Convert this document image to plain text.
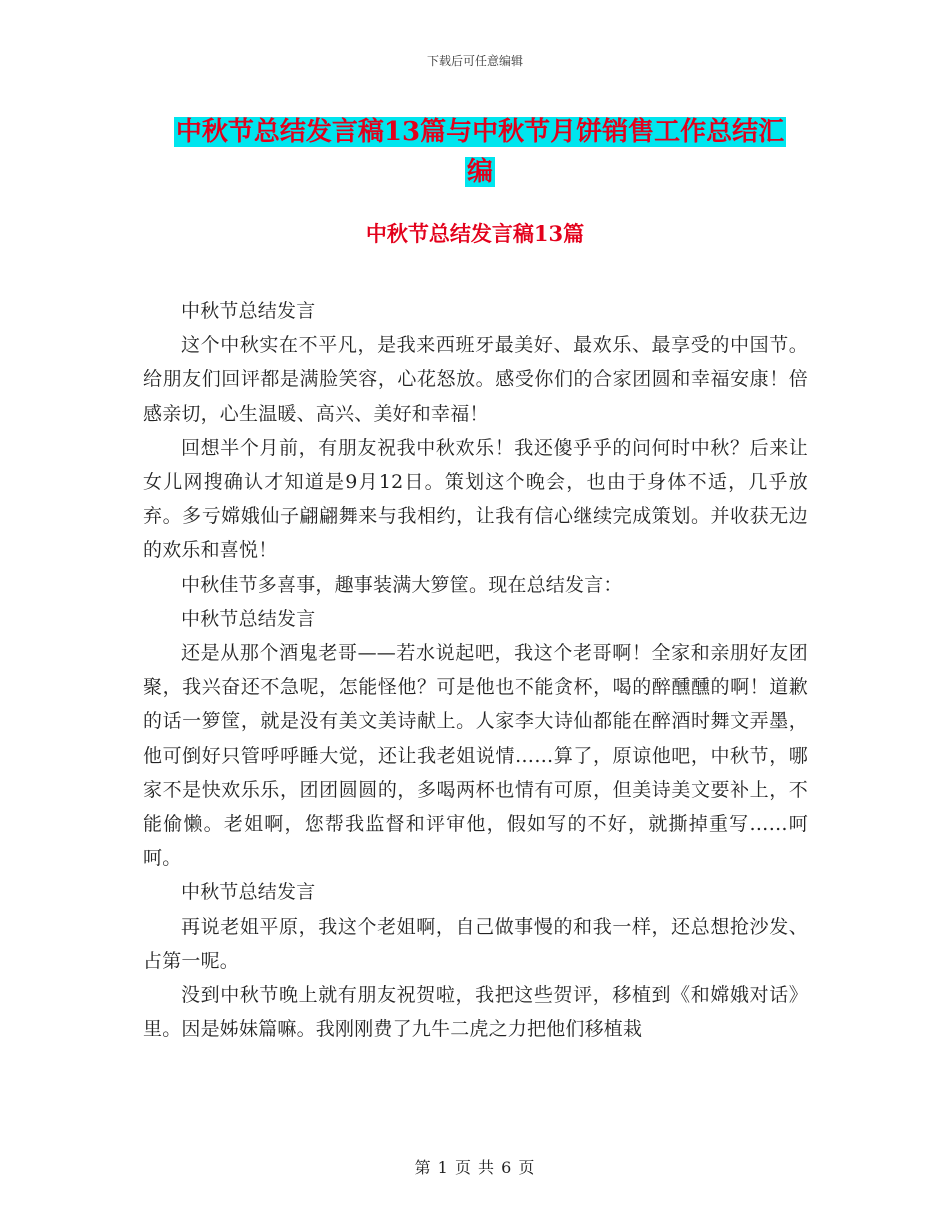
下载后可任意编辑
中秋节总结发言稿13篇与中秋节月饼销售工作总结汇
编
中秋节总结发言稿13篇

中秋节总结发言

这个中秋实在不平凡，是我来西班牙最美好、最欢乐、最享受的中国节。给朋友们回评都是满脸笑容，心花怒放。感受你们的合家团圆和幸福安康！倍感亲切，心生温暖、高兴、美好和幸福！

回想半个月前，有朋友祝我中秋欢乐！我还傻乎乎的问何时中秋？后来让女儿网搜确认才知道是9月12日。策划这个晚会，也由于身体不适，几乎放弃。多亏嫦娥仙子翩翩舞来与我相约，让我有信心继续完成策划。并收获无边的欢乐和喜悦！

中秋佳节多喜事，趣事装满大箩筐。现在总结发言：

中秋节总结发言

还是从那个酒鬼老哥——若水说起吧，我这个老哥啊！全家和亲朋好友团聚，我兴奋还不急呢，怎能怪他？可是他也不能贪杯，喝的醉醺醺的啊！道歉的话一箩筐，就是没有美文美诗献上。人家李大诗仙都能在醉酒时舞文弄墨，他可倒好只管呼呼睡大觉，还让我老姐说情……算了，原谅他吧，中秋节，哪家不是快欢乐乐，团团圆圆的，多喝两杯也情有可原，但美诗美文要补上，不能偷懒。老姐啊，您帮我监督和评审他，假如写的不好，就撕掉重写……呵呵。

中秋节总结发言

再说老姐平原，我这个老姐啊，自己做事慢的和我一样，还总想抢沙发、占第一呢。

没到中秋节晚上就有朋友祝贺啦，我把这些贺评，移植到《和嫦娥对话》里。因是姊妹篇嘛。我刚刚费了九牛二虎之力把他们移植栽

第 1 页 共 6 页
